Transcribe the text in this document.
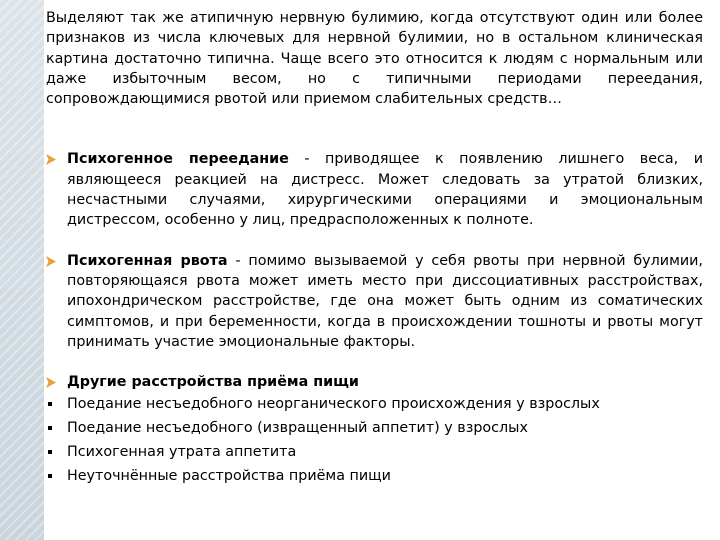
Выделяют так же атипичную нервную булимию, когда отсутствуют один или более признаков из числа ключевых для нервной булимии, но в остальном клиническая картина достаточно типична. Чаще всего это относится к людям с нормальным или даже избыточным весом, но с типичными периодами переедания, сопровождающимися рвотой или приемом слабительных средств…

Психогенное переедание - приводящее к появлению лишнего веса, и являющееся реакцией на дистресс. Может следовать за утратой близких, несчастными случаями, хирургическими операциями и эмоциональным дистрессом, особенно у лиц, предрасположенных к полноте.
Психогенная рвота - помимо вызываемой у себя рвоты при нервной булимии, повторяющаяся рвота может иметь место при диссоциативных расстройствах, ипохондрическом расстройстве, где она может быть одним из соматических симптомов, и при беременности, когда в происхождении тошноты и рвоты могут принимать участие эмоциональные факторы.
Другие расстройства приёма пищи
Поедание несъедобного неорганического происхождения у взрослых
Поедание несъедобного (извращенный аппетит) у взрослых
Психогенная утрата аппетита
Неуточнённые расстройства приёма пищи
